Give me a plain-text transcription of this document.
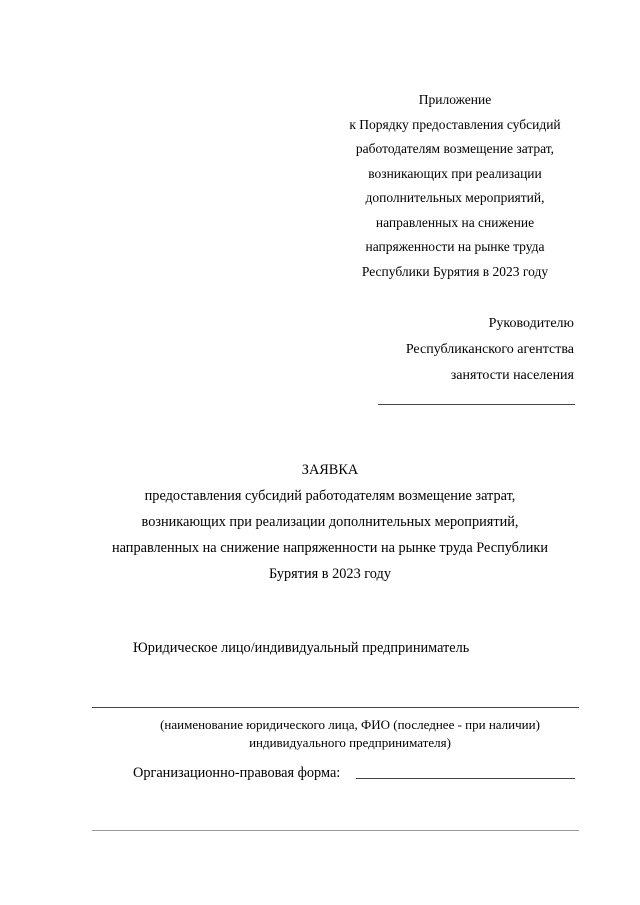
Приложение
к Порядку предоставления субсидий
работодателям возмещение затрат,
возникающих при реализации
дополнительных мероприятий,
направленных на снижение
напряженности на рынке труда
Республики Бурятия в 2023 году
Руководителю
Республиканского агентства
занятости населения
ЗАЯВКА
предоставления субсидий работодателям возмещение затрат,
возникающих при реализации дополнительных мероприятий,
направленных на снижение напряженности на рынке труда Республики
Бурятия в 2023 году
Юридическое лицо/индивидуальный предприниматель
(наименование юридического лица, ФИО (последнее - при наличии)
индивидуального предпринимателя)
Организационно-правовая форма:
